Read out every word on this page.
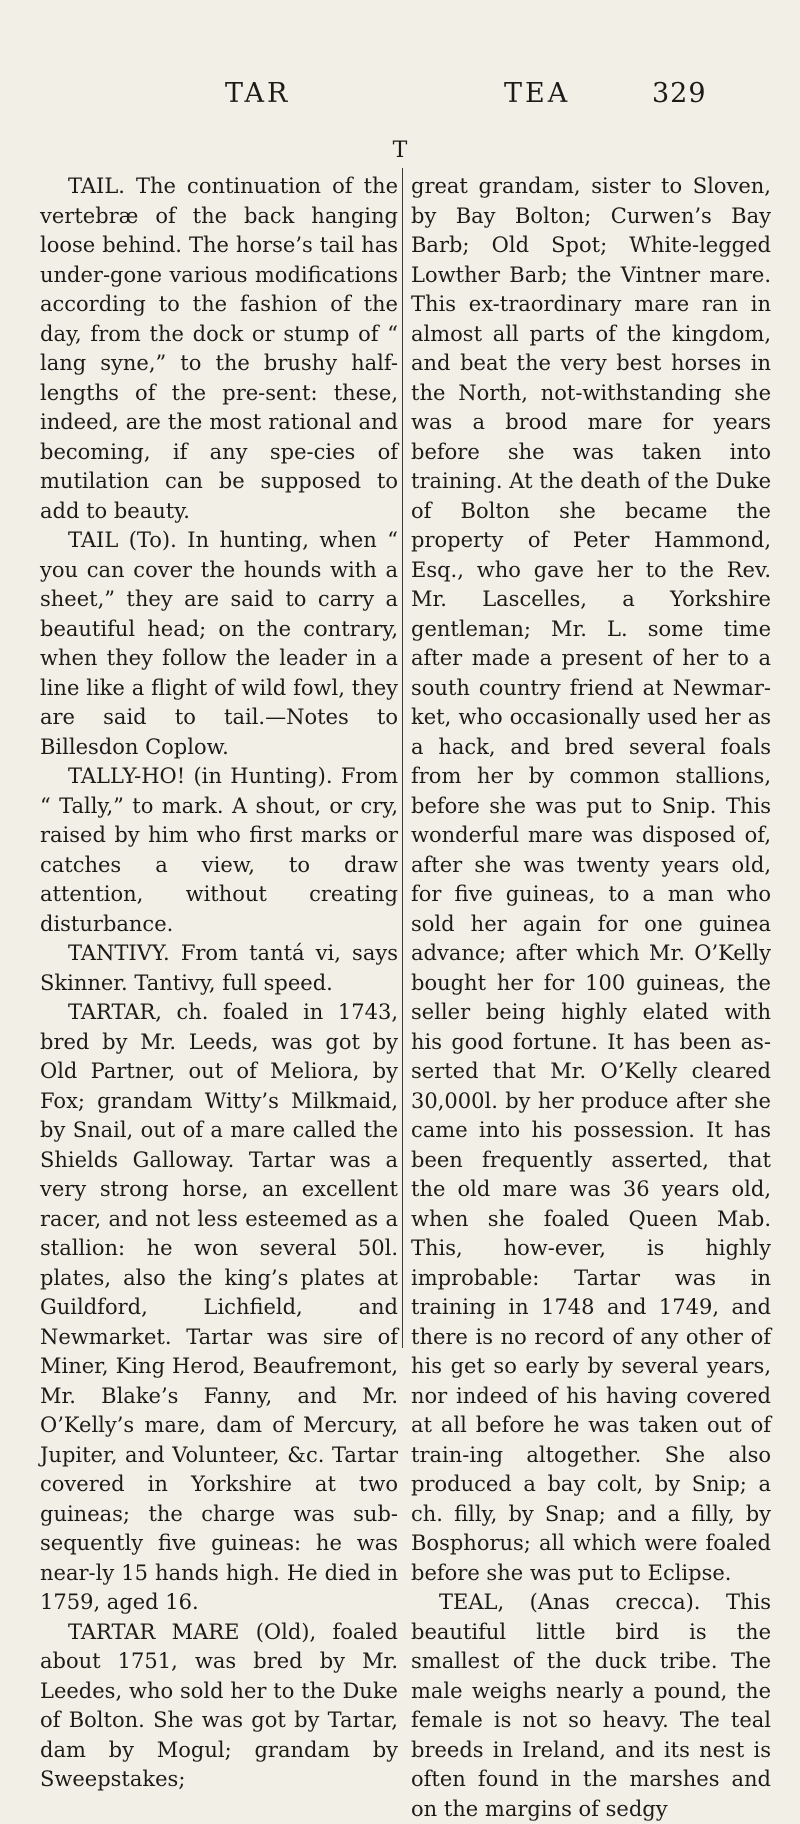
TAR	TEA	329
T

TAIL. The continuation of the vertebræ of the back hanging loose behind. The horse’s tail has under-gone various modifications according to the fashion of the day, from the dock or stump of “ lang syne,” to the brushy half-lengths of the pre-sent: these, indeed, are the most rational and becoming, if any spe-cies of mutilation can be supposed to add to beauty.

TAIL (To). In hunting, when “ you can cover the hounds with a sheet,” they are said to carry a beautiful head; on the contrary, when they follow the leader in a line like a flight of wild fowl, they are said to tail.—Notes to Billesdon Coplow.

TALLY-HO! (in Hunting). From “ Tally,” to mark. A shout, or cry, raised by him who first marks or catches a view, to draw attention, without creating disturbance.

TANTIVY. From tantá vi, says Skinner. Tantivy, full speed.

TARTAR, ch. foaled in 1743, bred by Mr. Leeds, was got by Old Partner, out of Meliora, by Fox; grandam Witty’s Milkmaid, by Snail, out of a mare called the Shields Galloway. Tartar was a very strong horse, an excellent racer, and not less esteemed as a stallion: he won several 50l. plates, also the king’s plates at Guildford, Lichfield, and Newmarket. Tartar was sire of Miner, King Herod, Beaufremont, Mr. Blake’s Fanny, and Mr. O’Kelly’s mare, dam of Mercury, Jupiter, and Volunteer, &c. Tartar covered in Yorkshire at two guineas; the charge was sub-sequently five guineas: he was near-ly 15 hands high. He died in 1759, aged 16.

TARTAR MARE (Old), foaled about 1751, was bred by Mr. Leedes, who sold her to the Duke of Bolton. She was got by Tartar, dam by Mogul; grandam by Sweepstakes;

great grandam, sister to Sloven, by Bay Bolton; Curwen’s Bay Barb; Old Spot; White-legged Lowther Barb; the Vintner mare. This ex-traordinary mare ran in almost all parts of the kingdom, and beat the very best horses in the North, not-withstanding she was a brood mare for years before she was taken into training. At the death of the Duke of Bolton she became the property of Peter Hammond, Esq., who gave her to the Rev. Mr. Lascelles, a Yorkshire gentleman; Mr. L. some time after made a present of her to a south country friend at Newmar-ket, who occasionally used her as a hack, and bred several foals from her by common stallions, before she was put to Snip. This wonderful mare was disposed of, after she was twenty years old, for five guineas, to a man who sold her again for one guinea advance; after which Mr. O’Kelly bought her for 100 guineas, the seller being highly elated with his good fortune. It has been as-serted that Mr. O’Kelly cleared 30,000l. by her produce after she came into his possession. It has been frequently asserted, that the old mare was 36 years old, when she foaled Queen Mab. This, how-ever, is highly improbable: Tartar was in training in 1748 and 1749, and there is no record of any other of his get so early by several years, nor indeed of his having covered at all before he was taken out of train-ing altogether. She also produced a bay colt, by Snip; a ch. filly, by Snap; and a filly, by Bosphorus; all which were foaled before she was put to Eclipse.

TEAL, (Anas crecca). This beautiful little bird is the smallest of the duck tribe. The male weighs nearly a pound, the female is not so heavy. The teal breeds in Ireland, and its nest is often found in the marshes and on the margins of sedgy
